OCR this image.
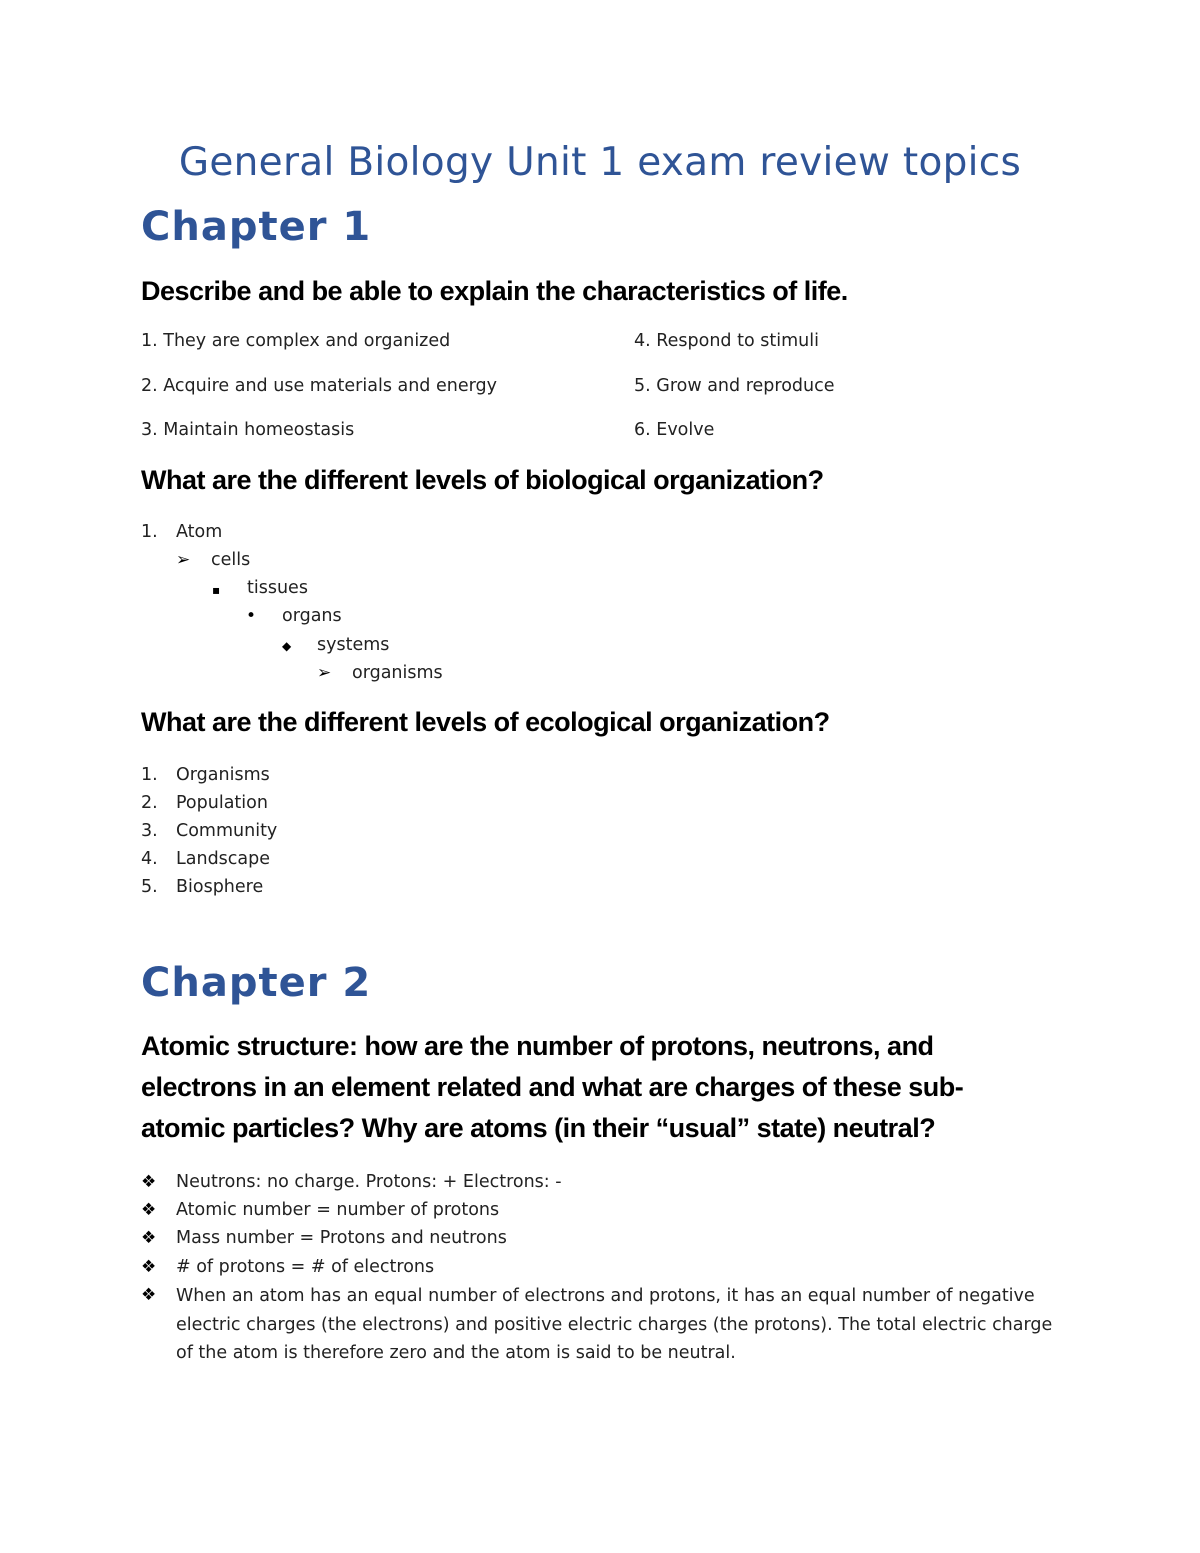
General Biology Unit 1 exam review topics
Chapter 1
Describe and be able to explain the characteristics of life.
1. They are complex and organized
2. Acquire and use materials and energy
3. Maintain homeostasis
4. Respond to stimuli
5. Grow and reproduce
6. Evolve
What are the different levels of biological organization?
1. Atom
➢ cells
▪ tissues
• organs
◆ systems
➢ organisms
What are the different levels of ecological organization?
1. Organisms
2. Population
3. Community
4. Landscape
5. Biosphere
Chapter 2
Atomic structure: how are the number of protons, neutrons, and
electrons in an element related and what are charges of these sub-
atomic particles? Why are atoms (in their “usual” state) neutral?
❖ Neutrons: no charge. Protons: + Electrons: -
❖ Atomic number = number of protons
❖ Mass number = Protons and neutrons
❖ # of protons = # of electrons
❖ When an atom has an equal number of electrons and protons, it has an equal number of negative electric charges (the electrons) and positive electric charges (the protons). The total electric charge of the atom is therefore zero and the atom is said to be neutral.
